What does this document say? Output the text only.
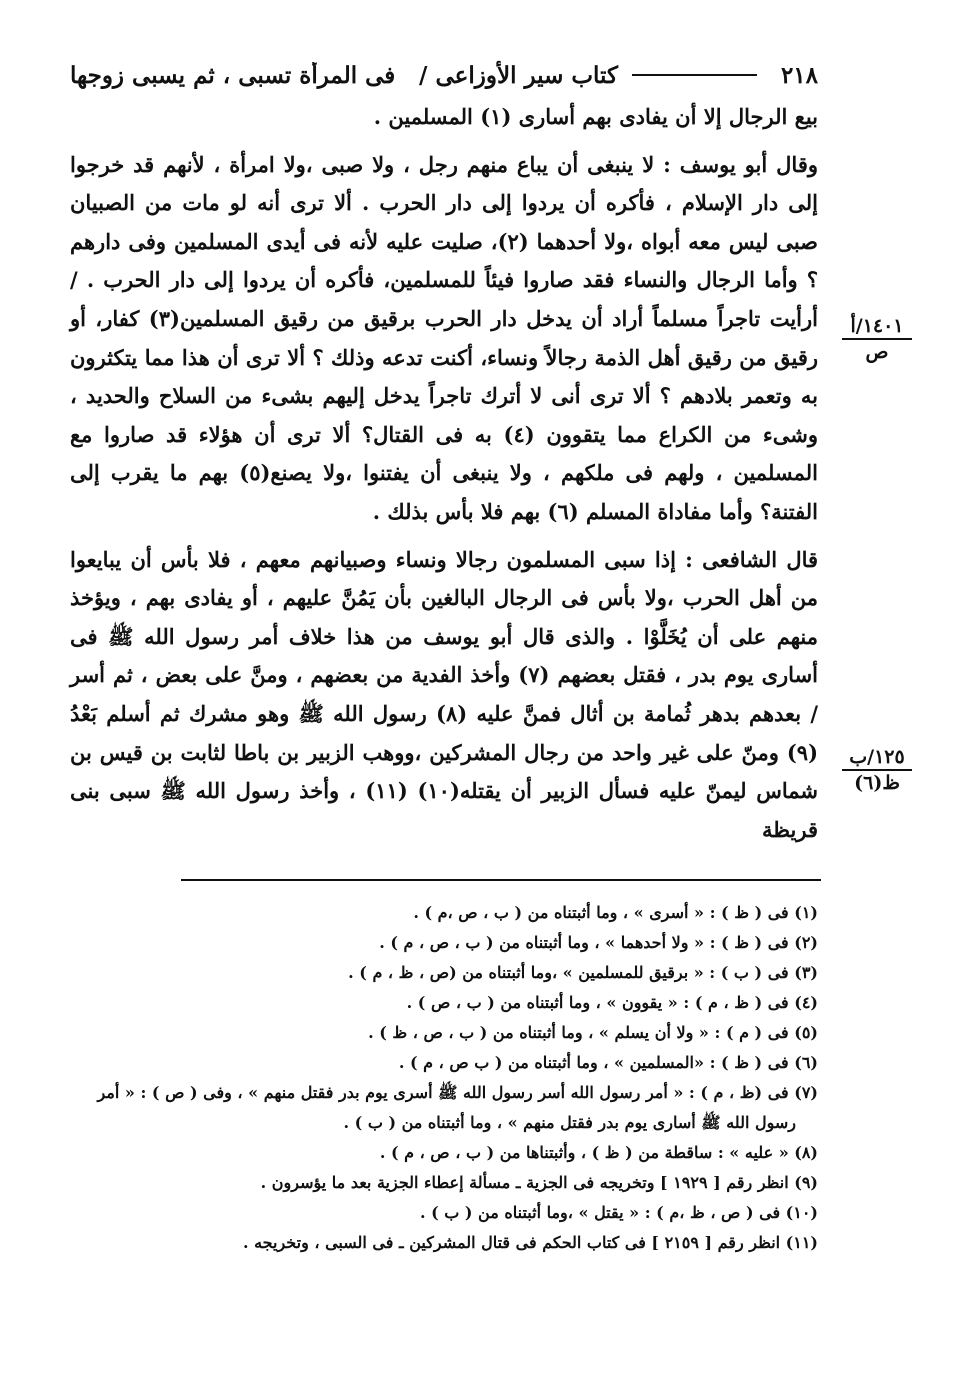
٢١٨
كتاب سير الأوزاعى /
فى المرأة تسبى ، ثم يسبى زوجها

بيع الرجال إلا أن يفادى بهم أسارى (١) المسلمين .

وقال أبو يوسف : لا ينبغى أن يباع منهم رجل ، ولا صبى ،ولا امرأة ، لأنهم قد خرجوا إلى دار الإسلام ، فأكره أن يردوا إلى دار الحرب . ألا ترى أنه لو مات من الصبيان صبى ليس معه أبواه ،ولا أحدهما (٢)، صليت عليه لأنه فى أيدى المسلمين وفى دارهم ؟ وأما الرجال والنساء فقد صاروا فيئاً للمسلمين، فأكره أن يردوا إلى دار الحرب . / أرأيت تاجراً مسلماً أراد أن يدخل دار الحرب برقيق من رقيق المسلمين(٣) كفار، أو رقيق من رقيق أهل الذمة رجالاً ونساء، أكنت تدعه وذلك ؟ ألا ترى أن هذا مما يتكثرون به وتعمر بلادهم ؟ ألا ترى أنى لا أترك تاجراً يدخل إليهم بشىء من السلاح والحديد ، وشىء من الكراع مما يتقوون (٤) به فى القتال؟ ألا ترى أن هؤلاء قد صاروا مع المسلمين ، ولهم فى ملكهم ، ولا ينبغى أن يفتنوا ،ولا يصنع(٥) بهم ما يقرب إلى الفتنة؟ وأما مفاداة المسلم (٦) بهم فلا بأس بذلك .

قال الشافعى : إذا سبى المسلمون رجالا ونساء وصبيانهم معهم ، فلا بأس أن يبايعوا من أهل الحرب ،ولا بأس فى الرجال البالغين بأن يَمُنَّ عليهم ، أو يفادى بهم ، ويؤخذ منهم على أن يُخَلَّوْا . والذى قال أبو يوسف من هذا خلاف أمر رسول الله ﷺ فى أسارى يوم بدر ، فقتل بعضهم (٧) وأخذ الفدية من بعضهم ، ومنَّ على بعض ، ثم أسر / بعدهم بدهر ثُمامة بن أثال فمنَّ عليه (٨) رسول الله ﷺ وهو مشرك ثم أسلم بَعْدُ (٩) ومنّ على غير واحد من رجال المشركين ،ووهب الزبير بن باطا لثابت بن قيس بن شماس ليمنّ عليه فسأل الزبير أن يقتله(١٠) (١١) ، وأخذ رسول الله ﷺ سبى بنى قريظة

١٤٠١/أ
ص
١٢٥/ب
ظ(٦)

(١) فى ( ظ ) : « أسرى » ، وما أثبتناه من ( ب ، ص ،م ) .

(٢) فى ( ظ ) : « ولا أحدهما » ، وما أثبتناه من ( ب ، ص ، م ) .

(٣) فى ( ب ) : « برقيق للمسلمين » ،وما أثبتناه من (ص ، ظ ، م ) .

(٤) فى ( ظ ، م ) : « يقوون » ، وما أثبتناه من ( ب ، ص ) .

(٥) فى ( م ) : « ولا أن يسلم » ، وما أثبتناه من ( ب ، ص ، ظ ) .

(٦) فى ( ظ ) : «المسلمين » ، وما أثبتناه من ( ب ص ، م ) .

(٧) فى (ظ ، م ) : « أمر رسول الله أسر رسول الله ﷺ أسرى يوم بدر فقتل منهم » ، وفى ( ص ) : « أمر

رسول الله ﷺ أسارى يوم بدر فقتل منهم » ، وما أثبتناه من ( ب ) .

(٨) « عليه » : ساقطة من ( ظ ) ، وأثبتناها من ( ب ، ص ، م ) .

(٩) انظر رقم [ ١٩٢٩ ] وتخريجه فى الجزية ـ مسألة إعطاء الجزية بعد ما يؤسرون .

(١٠) فى ( ص ، ظ ،م ) : « يقتل » ،وما أثبتناه من ( ب ) .

(١١) انظر رقم [ ٢١٥٩ ] فى كتاب الحكم فى قتال المشركين ـ فى السبى ، وتخريجه .
